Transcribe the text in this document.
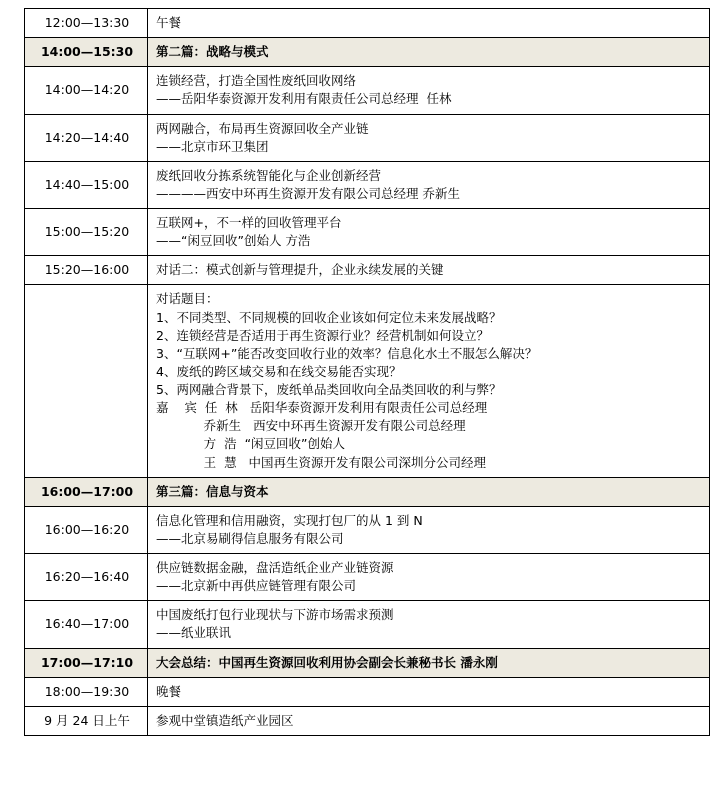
12:00—13:30	午餐

14:00—15:30	第二篇：战略与模式

14:00—14:20	连锁经营，打造全国性废纸回收网络
——岳阳华泰资源开发利用有限责任公司总经理  任林

14:20—14:40	两网融合，布局再生资源回收全产业链
——北京市环卫集团

14:40—15:00	废纸回收分拣系统智能化与企业创新经营
————西安中环再生资源开发有限公司总经理 乔新生

15:00—15:20	互联网+，不一样的回收管理平台
——“闲豆回收”创始人 方浩

15:20—16:00	对话二：模式创新与管理提升，企业永续发展的关键

对话题目：
1、不同类型、不同规模的回收企业该如何定位未来发展战略？
2、连锁经营是否适用于再生资源行业？经营机制如何设立？
3、“互联网+”能否改变回收行业的效率？信息化水土不服怎么解决？
4、废纸的跨区域交易和在线交易能否实现？
5、两网融合背景下，废纸单品类回收向全品类回收的利与弊？
嘉    宾  任  林   岳阳华泰资源开发利用有限责任公司总经理
乔新生   西安中环再生资源开发有限公司总经理
方  浩  “闲豆回收”创始人
王  慧   中国再生资源开发有限公司深圳分公司经理

16:00—17:00	第三篇：信息与资本

16:00—16:20	信息化管理和信用融资，实现打包厂的从 1 到 N
——北京易刷得信息服务有限公司

16:20—16:40	供应链数据金融，盘活造纸企业产业链资源
——北京新中再供应链管理有限公司

16:40—17:00	中国废纸打包行业现状与下游市场需求预测
——纸业联讯

17:00—17:10	大会总结：中国再生资源回收利用协会副会长兼秘书长 潘永刚

18:00—19:30	晚餐

9 月 24 日上午	参观中堂镇造纸产业园区
